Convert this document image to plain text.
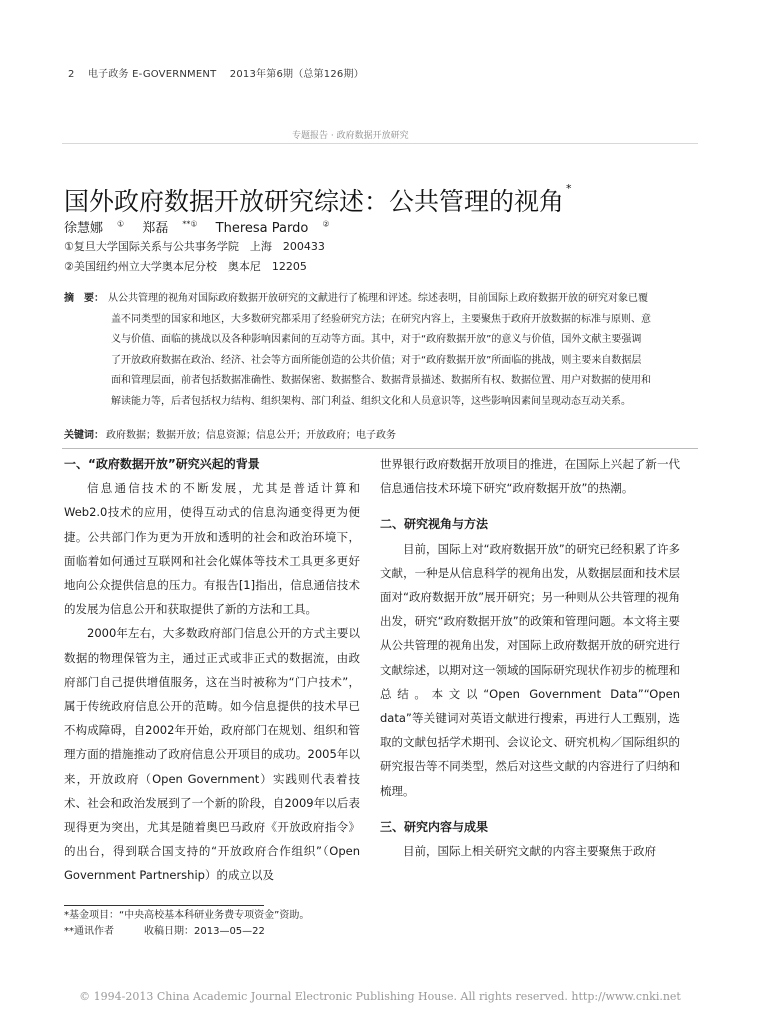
2 电子政务 E-GOVERNMENT 2013年第6期（总第126期）
专题报告 · 政府数据开放研究
国外政府数据开放研究综述：公共管理的视角 *
徐慧娜 ① 郑磊 **① Theresa Pardo ②
①复旦大学国际关系与公共事务学院　上海　200433
②美国纽约州立大学奥本尼分校　奥本尼　12205

摘　要： 从公共管理的视角对国际政府数据开放研究的文献进行了梳理和评述。综述表明，目前国际上政府数据开放的研究对象已覆

盖不同类型的国家和地区，大多数研究都采用了经验研究方法；在研究内容上，主要聚焦于政府开放数据的标准与原则、意

义与价值、面临的挑战以及各种影响因素间的互动等方面。其中，对于“政府数据开放”的意义与价值，国外文献主要强调

了开放政府数据在政治、经济、社会等方面所能创造的公共价值；对于“政府数据开放”所面临的挑战，则主要来自数据层

面和管理层面，前者包括数据准确性、数据保密、数据整合、数据背景描述、数据所有权、数据位置、用户对数据的使用和

解读能力等，后者包括权力结构、组织架构、部门利益、组织文化和人员意识等，这些影响因素间呈现动态互动关系。

关键词： 政府数据；数据开放；信息资源；信息公开；开放政府；电子政务
一、“政府数据开放”研究兴起的背景

信息通信技术的不断发展，尤其是普适计算和Web2.0技术的应用，使得互动式的信息沟通变得更为便捷。公共部门作为更为开放和透明的社会和政治环境下，面临着如何通过互联网和社会化媒体等技术工具更多更好地向公众提供信息的压力。有报告[1]指出，信息通信技术的发展为信息公开和获取提供了新的方法和工具。

2000年左右，大多数政府部门信息公开的方式主要以数据的物理保管为主，通过正式或非正式的数据流，由政府部门自己提供增值服务，这在当时被称为“门户技术”，属于传统政府信息公开的范畴。如今信息提供的技术早已不构成障碍，自2002年开始，政府部门在规划、组织和管理方面的措施推动了政府信息公开项目的成功。2005年以来，开放政府（Open Government）实践则代表着技术、社会和政治发展到了一个新的阶段，自2009年以后表现得更为突出，尤其是随着奥巴马政府《开放政府指令》的出台，得到联合国支持的“开放政府合作组织”（Open Government Partnership）的成立以及

世界银行政府数据开放项目的推进，在国际上兴起了新一代信息通信技术环境下研究“政府数据开放”的热潮。

二、研究视角与方法

目前，国际上对“政府数据开放”的研究已经积累了许多文献，一种是从信息科学的视角出发，从数据层面和技术层面对“政府数据开放”展开研究；另一种则从公共管理的视角出发，研究“政府数据开放”的政策和管理问题。本文将主要从公共管理的视角出发，对国际上政府数据开放的研究进行文献综述，以期对这一领域的国际研究现状作初步的梳理和总结。本文以“Open Government Data”“Open data”等关键词对英语文献进行搜索，再进行人工甄别，选取的文献包括学术期刊、会议论文、研究机构／国际组织的研究报告等不同类型，然后对这些文献的内容进行了归纳和梳理。

三、研究内容与成果

目前，国际上相关研究文献的内容主要聚焦于政府

*基金项目：“中央高校基本科研业务费专项资金”资助。
**通讯作者　　　收稿日期：2013—05—22
© 1994-2013 China Academic Journal Electronic Publishing House. All rights reserved. http://www.cnki.net
